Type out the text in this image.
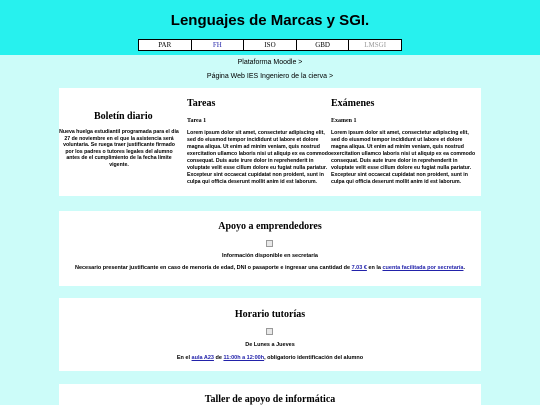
Lenguajes de Marcas y SGI.
PAR	FH	ISO	GBD	LMSGI
Plataforma Moodle >
Página Web IES Ingeniero de la cierva >
Boletín diario
Nueva huelga estudiantil programada para el día 27 de noviembre en el que la asistencia será voluntaria. Se ruega traer justificante firmado por los padres o tutores legales del alumno antes de el cumplimiento de la fecha límite vigente.
Tareas
Tarea 1
Lorem ipsum dolor sit amet, consectetur adipiscing elit, sed do eiusmod tempor incididunt ut labore et dolore magna aliqua. Ut enim ad minim veniam, quis nostrud exercitation ullamco laboris nisi ut aliquip ex ea commodo consequat. Duis aute irure dolor in reprehenderit in voluptate velit esse cillum dolore eu fugiat nulla pariatur. Excepteur sint occaecat cupidatat non proident, sunt in culpa qui officia deserunt mollit anim id est laborum.
Exámenes
Examen 1
Lorem ipsum dolor sit amet, consectetur adipiscing elit, sed do eiusmod tempor incididunt ut labore et dolore magna aliqua. Ut enim ad minim veniam, quis nostrud exercitation ullamco laboris nisi ut aliquip ex ea commodo consequat. Duis aute irure dolor in reprehenderit in voluptate velit esse cillum dolore eu fugiat nulla pariatur. Excepteur sint occaecat cupidatat non proident, sunt in culpa qui officia deserunt mollit anim id est laborum.
Apoyo a emprendedores
Información disponible en secretaría
Necesario presentar justificante en caso de menoría de edad, DNI o pasaporte e ingresar una cantidad de 7.03 € en la cuenta facilitada por secretaría.
Horario tutorías
De Lunes a Jueves
En el aula A23 de 11:00h a 12:00h, obligatorio identificación del alumno
Taller de apoyo de informática
